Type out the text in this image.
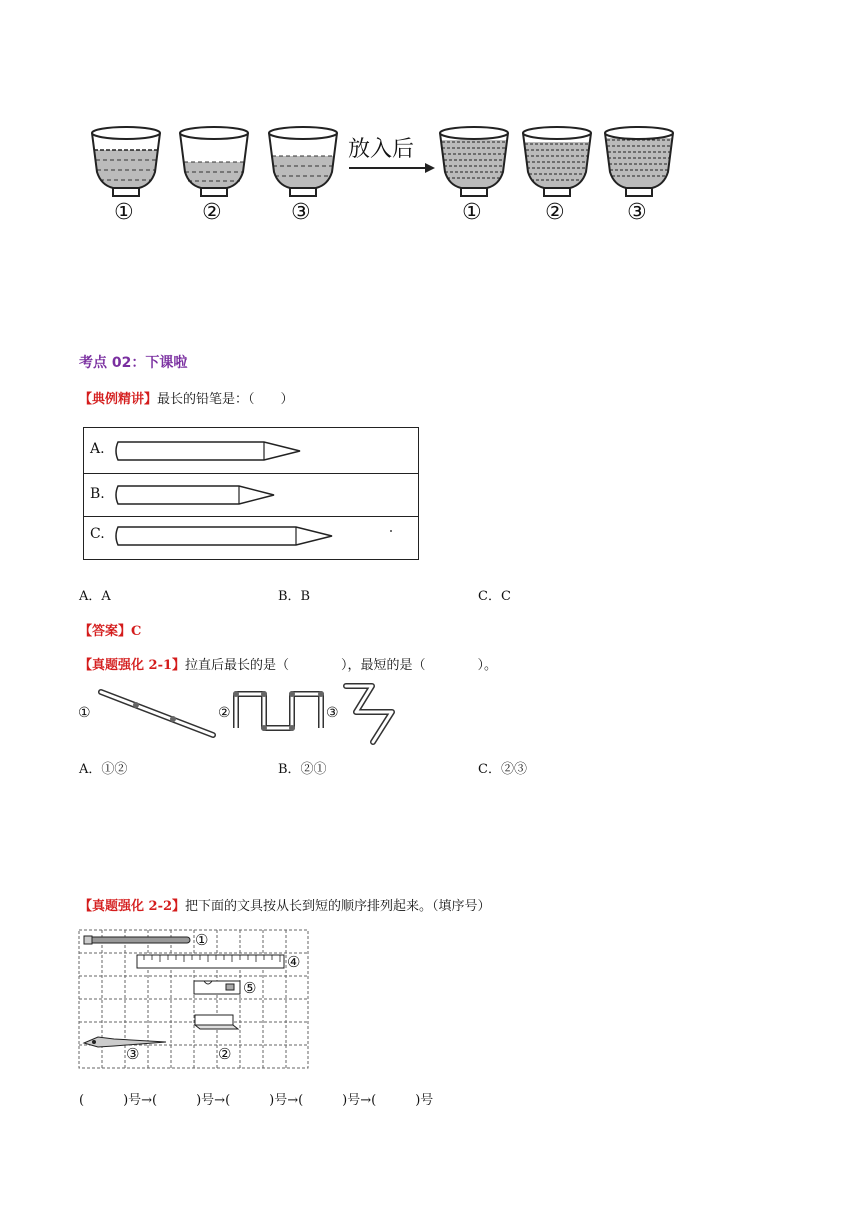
①	②	③
放入后
①	②	③
考点 02：下课啦
【典例精讲】最长的铅笔是：（　　）
A.
B.
C.
A．A	B．B	C．C
【答案】C
【真题强化 2-1】拉直后最长的是（　　　　），最短的是（　　　　）。
①	②	③
A．①②	B．②①	C．②③
【真题强化 2-2】把下面的文具按从长到短的顺序排列起来。（填序号）
①
④
⑤
③	②
(　　　)号→(　　　)号→(　　　)号→(　　　)号→(　　　)号
